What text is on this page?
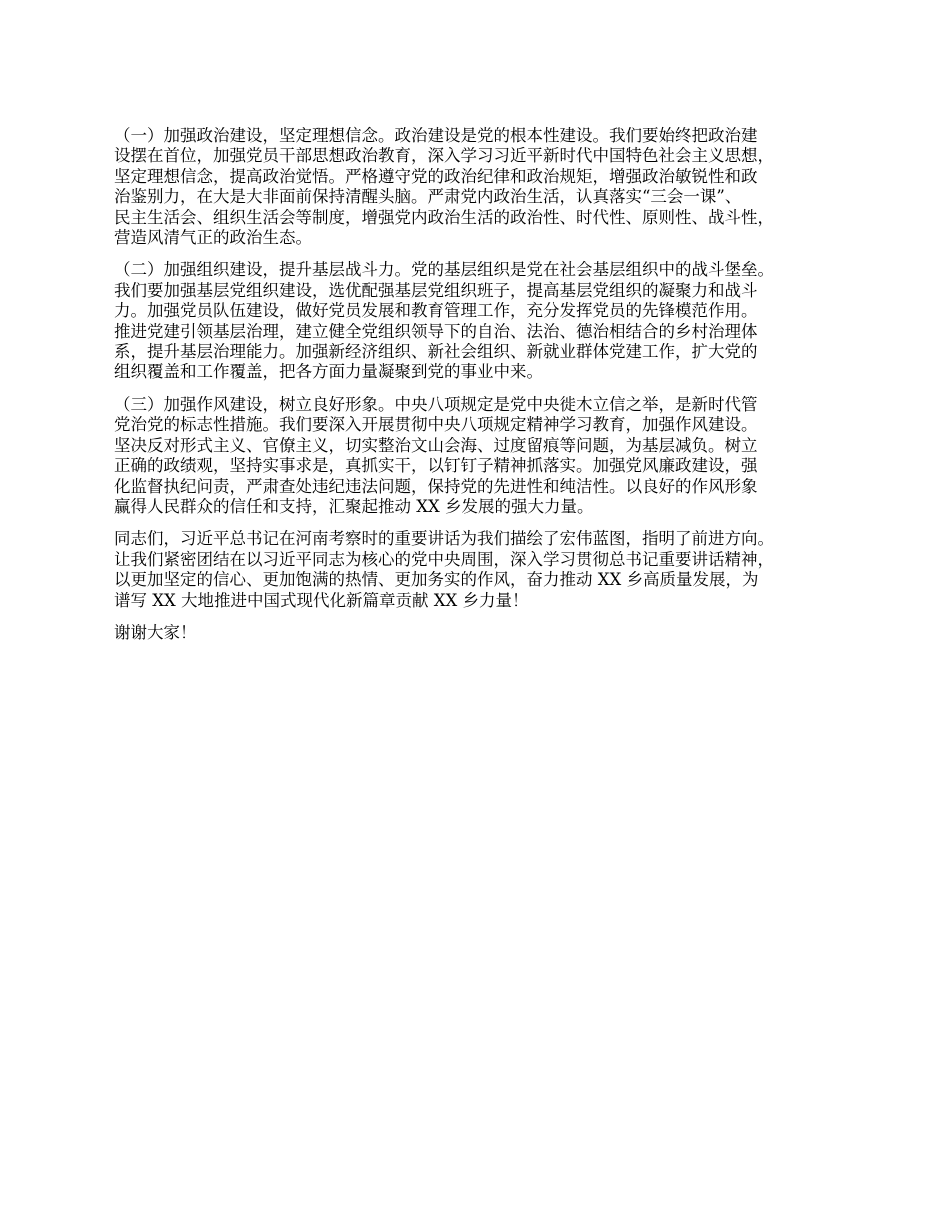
（一）加强政治建设，坚定理想信念。政治建设是党的根本性建设。我们要始终把政治建
设摆在首位，加强党员干部思想政治教育，深入学习习近平新时代中国特色社会主义思想，
坚定理想信念，提高政治觉悟。严格遵守党的政治纪律和政治规矩，增强政治敏锐性和政
治鉴别力，在大是大非面前保持清醒头脑。严肃党内政治生活，认真落实“三会一课”、
民主生活会、组织生活会等制度，增强党内政治生活的政治性、时代性、原则性、战斗性，
营造风清气正的政治生态。

（二）加强组织建设，提升基层战斗力。党的基层组织是党在社会基层组织中的战斗堡垒。
我们要加强基层党组织建设，选优配强基层党组织班子，提高基层党组织的凝聚力和战斗
力。加强党员队伍建设，做好党员发展和教育管理工作，充分发挥党员的先锋模范作用。
推进党建引领基层治理，建立健全党组织领导下的自治、法治、德治相结合的乡村治理体
系，提升基层治理能力。加强新经济组织、新社会组织、新就业群体党建工作，扩大党的
组织覆盖和工作覆盖，把各方面力量凝聚到党的事业中来。

（三）加强作风建设，树立良好形象。中央八项规定是党中央徙木立信之举，是新时代管
党治党的标志性措施。我们要深入开展贯彻中央八项规定精神学习教育，加强作风建设。
坚决反对形式主义、官僚主义，切实整治文山会海、过度留痕等问题，为基层减负。树立
正确的政绩观，坚持实事求是，真抓实干，以钉钉子精神抓落实。加强党风廉政建设，强
化监督执纪问责，严肃查处违纪违法问题，保持党的先进性和纯洁性。以良好的作风形象
赢得人民群众的信任和支持，汇聚起推动 XX 乡发展的强大力量。

同志们，习近平总书记在河南考察时的重要讲话为我们描绘了宏伟蓝图，指明了前进方向。
让我们紧密团结在以习近平同志为核心的党中央周围，深入学习贯彻总书记重要讲话精神，
以更加坚定的信心、更加饱满的热情、更加务实的作风，奋力推动 XX 乡高质量发展，为
谱写 XX 大地推进中国式现代化新篇章贡献 XX 乡力量！

谢谢大家！
